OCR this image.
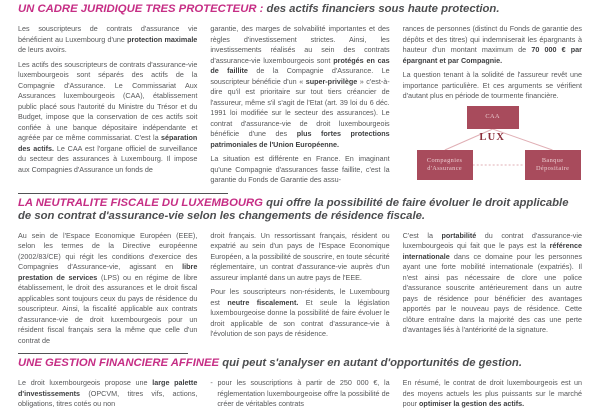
UN CADRE JURIDIQUE TRES PROTECTEUR : des actifs financiers sous haute protection.

Les souscripteurs de contrats d'assurance vie bénéficient au Luxembourg d'une protection maximale de leurs avoirs.

Les actifs des souscripteurs de contrats d'assurance-vie luxembourgeois sont séparés des actifs de la Compagnie d'Assurance. Le Commissariat Aux Assurances luxembourgeois (CAA), établissement public placé sous l'autorité du Ministre du Trésor et du Budget, impose que la conservation de ces actifs soit confiée à une banque dépositaire indépendante et agréée par ce même commissariat. C'est la séparation des actifs. Le CAA est l'organe officiel de surveillance du secteur des assurances à Luxembourg. Il impose aux Compagnies d'Assurance un fonds de

garantie, des marges de solvabilité importantes et des règles d'investissement strictes. Ainsi, les investissements réalisés au sein des contrats d'assurance-vie luxembourgeois sont protégés en cas de faillite de la Compagnie d'Assurance. Le souscripteur bénéficie d'un « super-privilège » c'est-à-dire qu'il est prioritaire sur tout tiers créancier de l'assureur, même s'il s'agit de l'Etat (art. 39 loi du 6 déc. 1991 loi modifiée sur le secteur des assurances). Le contrat d'assurance-vie de droit luxembourgeois bénéficie d'une des plus fortes protections patrimoniales de l'Union Européenne.

La situation est différente en France. En imaginant qu'une Compagnie d'assurances fasse faillite, c'est la garantie du Fonds de Garantie des assu-

rances de personnes (distinct du Fonds de garantie des dépôts et des titres) qui indemniserait les épargnants à hauteur d'un montant maximum de 70 000 € par épargnant et par Compagnie.

La question tenant à la solidité de l'assureur revêt une importance particulière. Et ces arguments se vérifient d'autant plus en période de tourmente financière.

CAA
LUX
Compagnies d'Assurance
Banque Dépositaire
LA NEUTRALITE FISCALE DU LUXEMBOURG qui offre la possibilité de faire évoluer le droit applicable de son contrat d'assurance-vie selon les changements de résidence fiscale.

Au sein de l'Espace Economique Européen (EEE), selon les termes de la Directive européenne (2002/83/CE) qui régit les conditions d'exercice des Compagnies d'Assurance-vie, agissant en libre prestation de services (LPS) ou en régime de libre établissement, le droit des assurances et le droit fiscal applicables sont toujours ceux du pays de résidence du souscripteur. Ainsi, la fiscalité applicable aux contrats d'assurance-vie de droit luxembourgeois pour un résident fiscal français sera la même que celle d'un contrat de

droit français. Un ressortissant français, résident ou expatrié au sein d'un pays de l'Espace Economique Européen, a la possibilité de souscrire, en toute sécurité réglementaire, un contrat d'assurance-vie auprès d'un assureur implanté dans un autre pays de l'EEE.

Pour les souscripteurs non-résidents, le Luxembourg est neutre fiscalement. Et seule la législation luxembourgeoise donne la possibilité de faire évoluer le droit applicable de son contrat d'assurance-vie à l'évolution de son pays de résidence.

C'est la portabilité du contrat d'assurance-vie luxembourgeois qui fait que le pays est la référence internationale dans ce domaine pour les personnes ayant une forte mobilité internationale (expatriés). Il n'est ainsi pas nécessaire de clore une police d'assurance souscrite antérieurement dans un autre pays de résidence pour bénéficier des avantages apportés par le nouveau pays de résidence. Cette clôture entraîne dans la majorité des cas une perte d'avantages liés à l'antériorité de la signature.

UNE GESTION FINANCIERE AFFINEE qui peut s'analyser en autant d'opportunités de gestion.

Le droit luxembourgeois propose une large palette d'investissements (OPCVM, titres vifs, actions, obligations, titres cotés ou non

- pour les souscriptions à partir de 250 000 €, la réglementation luxembourgeoise offre la possibilité de créer de véritables contrats

En résumé, le contrat de droit luxembourgeois est un des moyens actuels les plus puissants sur le marché pour optimiser la gestion des actifs.
